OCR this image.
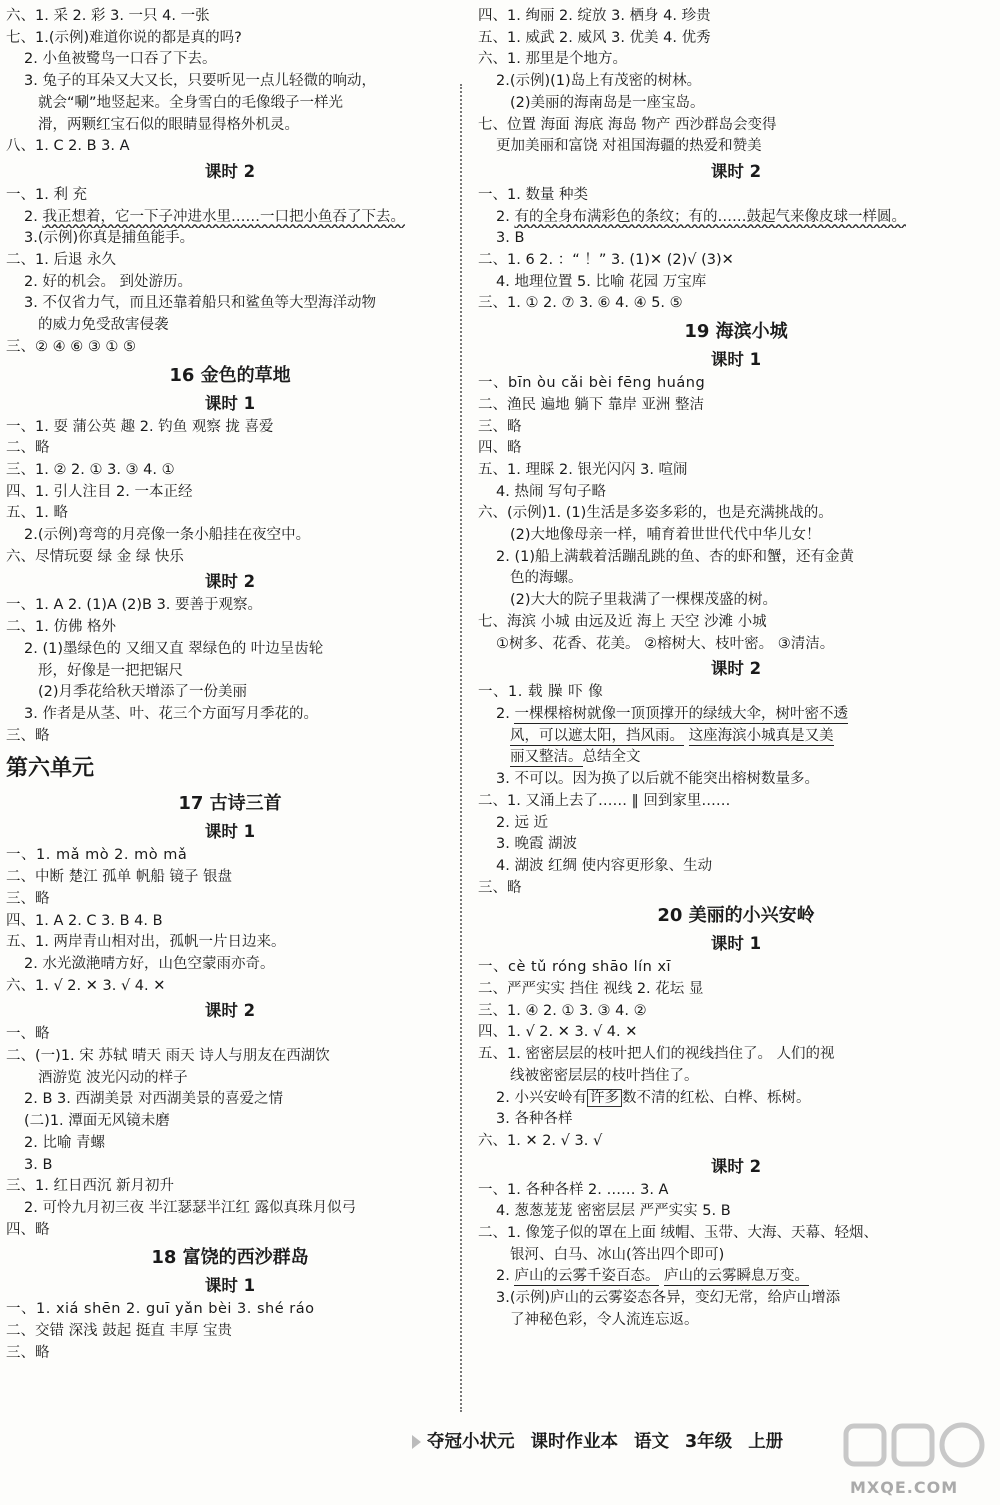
六、1. 采 2. 彩 3. 一只 4. 一张
七、1.(示例)难道你说的都是真的吗?
2. 小鱼被鹭鸟一口吞了下去。
3. 兔子的耳朵又大又长，只要听见一点儿轻微的响动，
就会“唰”地竖起来。全身雪白的毛像缎子一样光
滑，两颗红宝石似的眼睛显得格外机灵。
八、1. C 2. B 3. A
课时 2
一、1. 利 充
2. 我正想着，它一下子冲进水里……一口把小鱼吞了下去。
3.(示例)你真是捕鱼能手。
二、1. 后退 永久
2. 好的机会。 到处游历。
3. 不仅省力气，而且还靠着船只和鲨鱼等大型海洋动物
的威力免受敌害侵袭
三、② ④ ⑥ ③ ① ⑤
16 金色的草地
课时 1
一、1. 耍 蒲公英 趣 2. 钓鱼 观察 拢 喜爱
二、略
三、1. ② 2. ① 3. ③ 4. ①
四、1. 引人注目 2. 一本正经
五、1. 略
2.(示例)弯弯的月亮像一条小船挂在夜空中。
六、尽情玩耍 绿 金 绿 快乐
课时 2
一、1. A 2. (1)A (2)B 3. 要善于观察。
二、1. 仿佛 格外
2. (1)墨绿色的 又细又直 翠绿色的 叶边呈齿轮
形，好像是一把把锯尺
(2)月季花给秋天增添了一份美丽
3. 作者是从茎、叶、花三个方面写月季花的。
三、略
第六单元
17 古诗三首
课时 1
一、1. mǎ mò 2. mò mǎ
二、中断 楚江 孤单 帆船 镜子 银盘
三、略
四、1. A 2. C 3. B 4. B
五、1. 两岸青山相对出，孤帆一片日边来。
2. 水光潋滟晴方好，山色空蒙雨亦奇。
六、1. √ 2. ✕ 3. √ 4. ✕
课时 2
一、略
二、(一)1. 宋 苏轼 晴天 雨天 诗人与朋友在西湖饮
酒游览 波光闪动的样子
2. B 3. 西湖美景 对西湖美景的喜爱之情
(二)1. 潭面无风镜未磨
2. 比喻 青螺
3. B
三、1. 红日西沉 新月初升
2. 可怜九月初三夜 半江瑟瑟半江红 露似真珠月似弓
四、略
18 富饶的西沙群岛
课时 1
一、1. xiá shēn 2. guī yǎn bèi 3. shé ráo
二、交错 深浅 鼓起 挺直 丰厚 宝贵
三、略
四、1. 绚丽 2. 绽放 3. 栖身 4. 珍贵
五、1. 威武 2. 威风 3. 优美 4. 优秀
六、1. 那里是个地方。
2.(示例)(1)岛上有茂密的树林。
(2)美丽的海南岛是一座宝岛。
七、位置 海面 海底 海岛 物产 西沙群岛会变得
更加美丽和富饶 对祖国海疆的热爱和赞美
课时 2
一、1. 数量 种类
2. 有的全身布满彩色的条纹；有的……鼓起气来像皮球一样圆。
3. B
二、1. 6 2. ：“ ！” 3. (1)✕ (2)√ (3)✕
4. 地理位置 5. 比喻 花园 万宝库
三、1. ① 2. ⑦ 3. ⑥ 4. ④ 5. ⑤
19 海滨小城
课时 1
一、bīn òu cǎi bèi fēng huáng
二、渔民 遍地 躺下 靠岸 亚洲 整洁
三、略
四、略
五、1. 理睬 2. 银光闪闪 3. 喧闹
4. 热闹 写句子略
六、(示例)1. (1)生活是多姿多彩的，也是充满挑战的。
(2)大地像母亲一样，哺育着世世代代中华儿女！
2. (1)船上满载着活蹦乱跳的鱼、杏的虾和蟹，还有金黄
色的海螺。
(2)大大的院子里栽满了一棵棵茂盛的树。
七、海滨 小城 由远及近 海上 天空 沙滩 小城
①树多、花香、花美。 ②榕树大、枝叶密。 ③清洁。
课时 2
一、1. 载 臊 吓 像
2. 一棵棵榕树就像一顶顶撑开的绿绒大伞，树叶密不透
风，可以遮太阳，挡风雨。 这座海滨小城真是又美
丽又整洁。总结全文
3. 不可以。因为换了以后就不能突出榕树数量多。
二、1. 又涌上去了…… ‖ 回到家里……
2. 远 近
3. 晚霞 湖波
4. 湖波 红绸 使内容更形象、生动
三、略
20 美丽的小兴安岭
课时 1
一、cè tǔ róng shāo lín xī
二、严严实实 挡住 视线 2. 花坛 显
三、1. ④ 2. ① 3. ③ 4. ②
四、1. √ 2. ✕ 3. √ 4. ✕
五、1. 密密层层的枝叶把人们的视线挡住了。 人们的视
线被密密层层的枝叶挡住了。
2. 小兴安岭有 许多 数不清的红松、白桦、栎树。
3. 各种各样
六、1. ✕ 2. √ 3. √
课时 2
一、1. 各种各样 2. …… 3. A
4. 葱葱茏茏 密密层层 严严实实 5. B
二、1. 像笼子似的罩在上面 绒帽、玉带、大海、天幕、轻烟、
银河、白马、冰山(答出四个即可)
2. 庐山的云雾千姿百态。 庐山的云雾瞬息万变。
3.(示例)庐山的云雾姿态各异，变幻无常，给庐山增添
了神秘色彩，令人流连忘返。
夺冠小状元 课时作业本 语文 3年级 上册
MXQE.COM
